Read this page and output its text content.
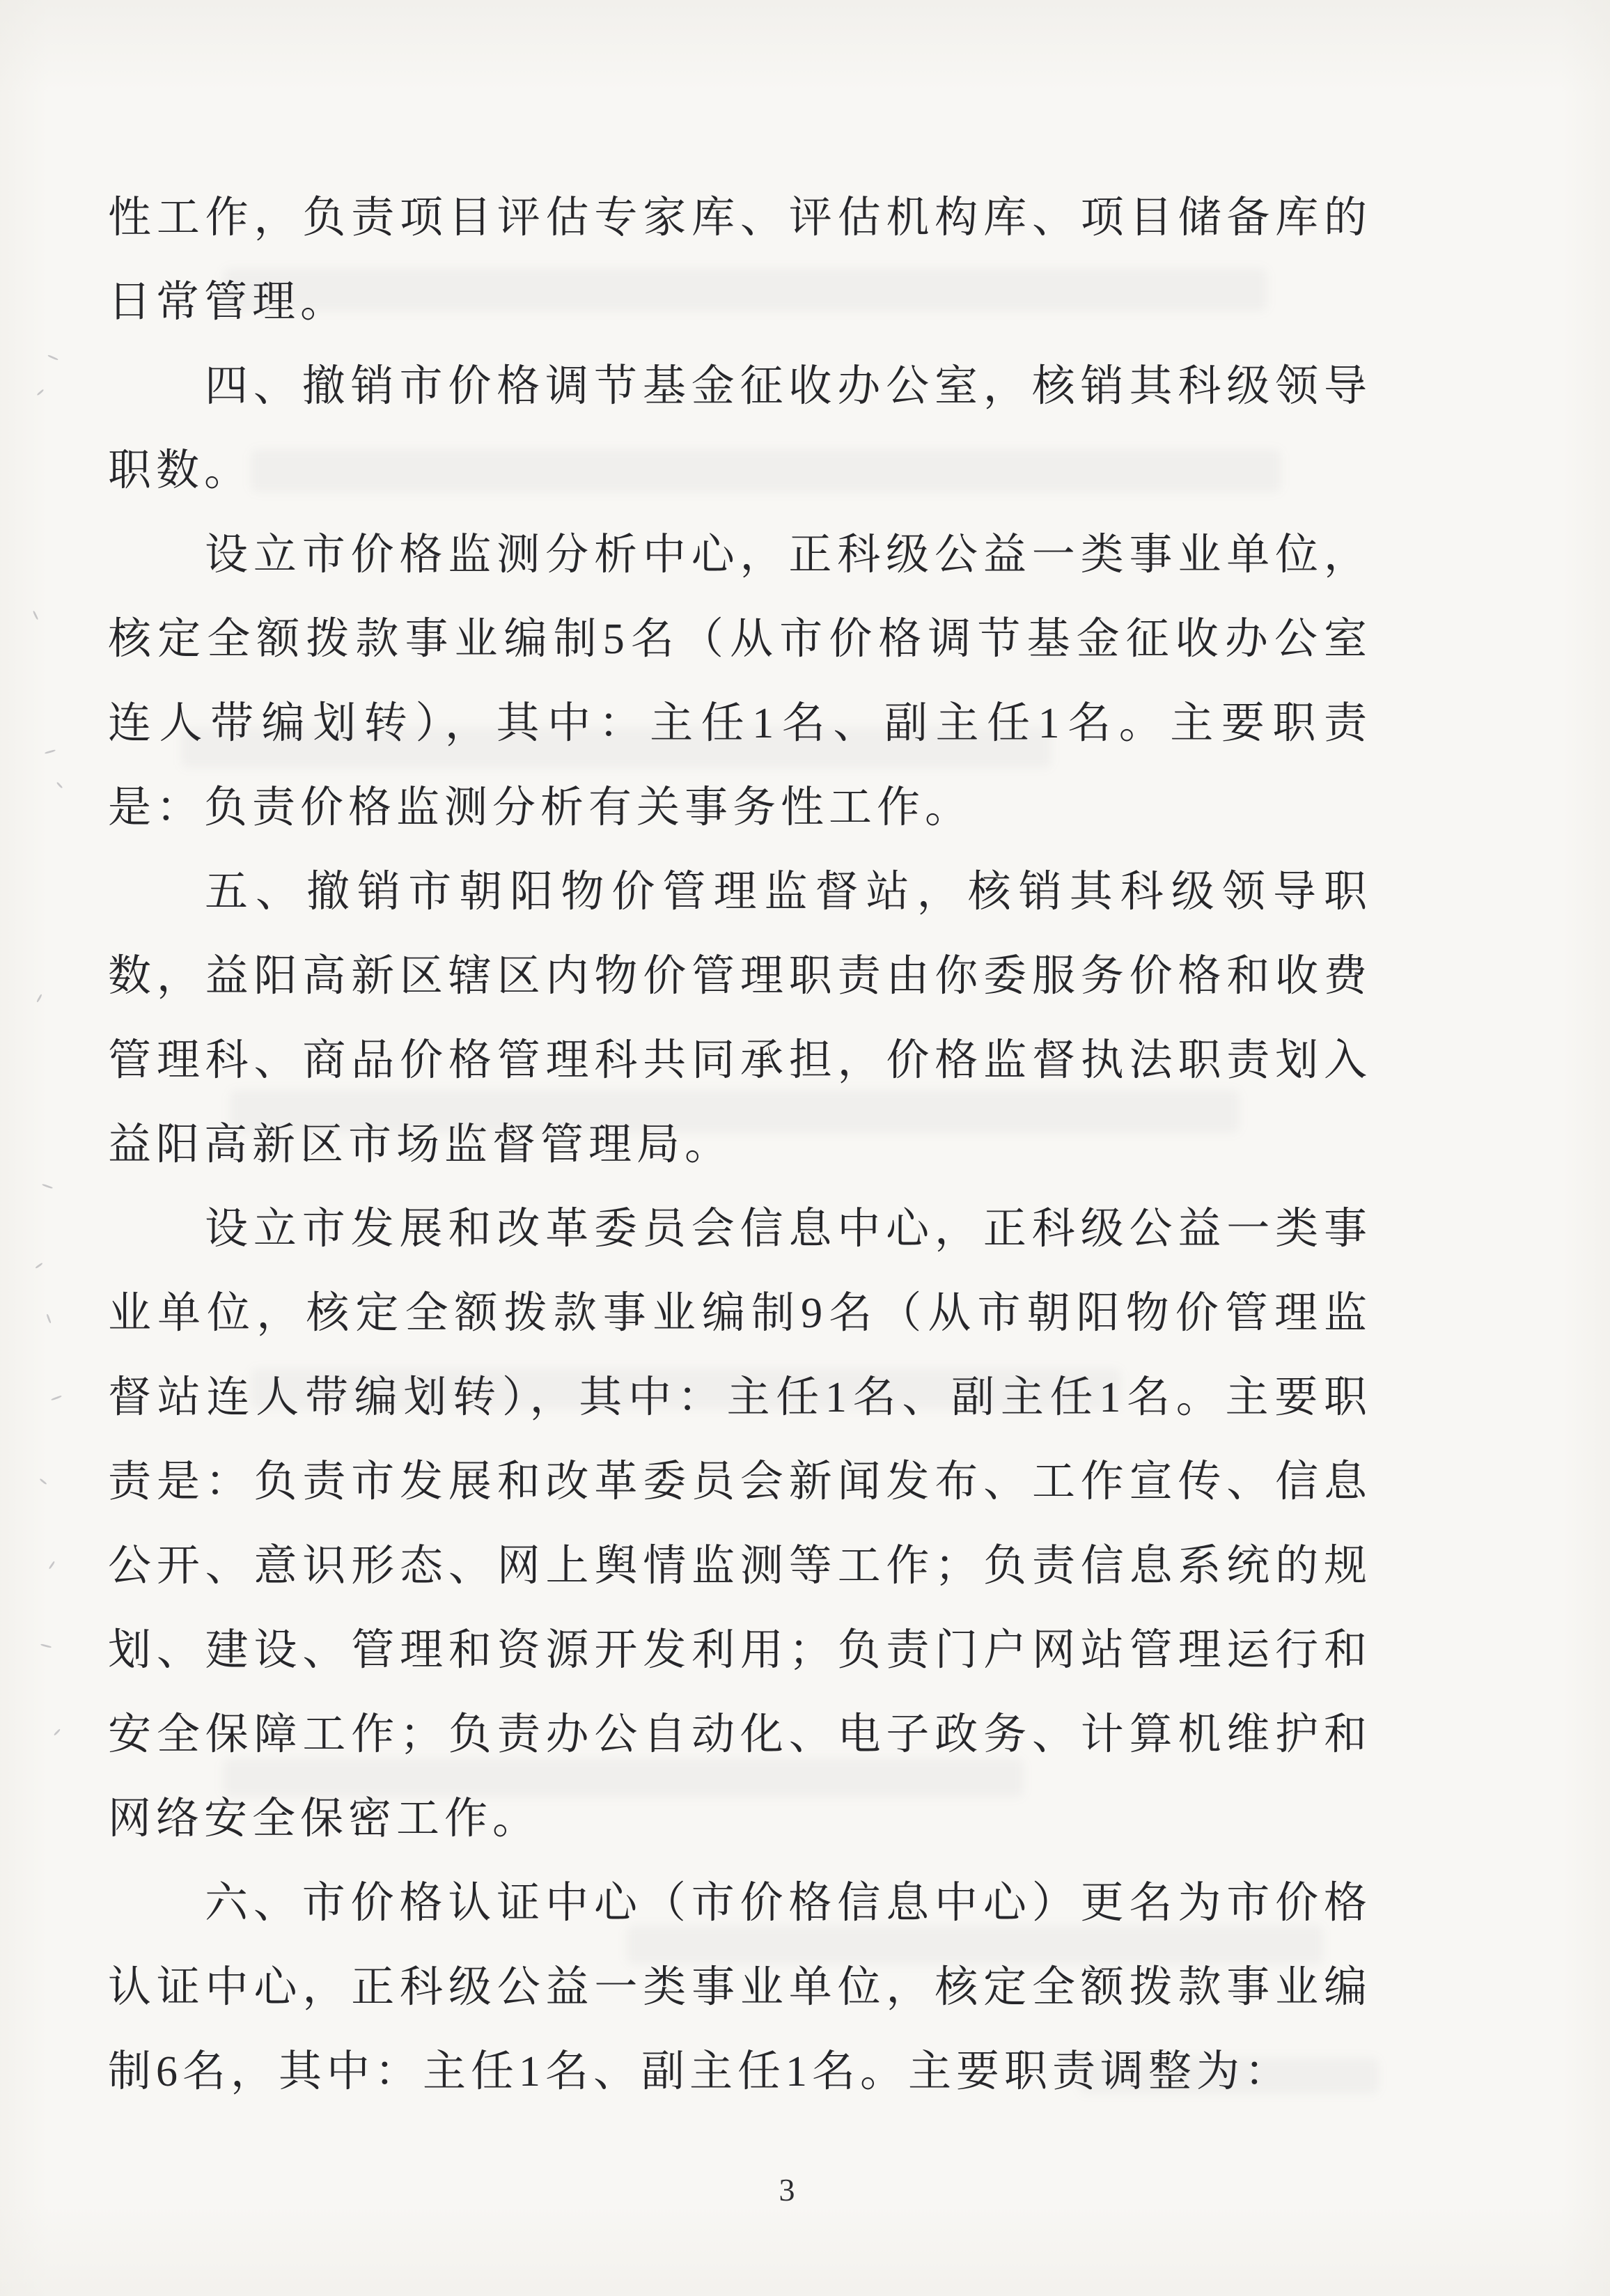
性工作，负责项目评估专家库、评估机构库、项目储备库的日常管理。

四、撤销市价格调节基金征收办公室，核销其科级领导职数。

设立市价格监测分析中心，正科级公益一类事业单位，核定全额拨款事业编制5名（从市价格调节基金征收办公室连人带编划转），其中：主任1名、副主任1名。主要职责是：负责价格监测分析有关事务性工作。

五、撤销市朝阳物价管理监督站，核销其科级领导职数，益阳高新区辖区内物价管理职责由你委服务价格和收费管理科、商品价格管理科共同承担，价格监督执法职责划入益阳高新区市场监督管理局。

设立市发展和改革委员会信息中心，正科级公益一类事业单位，核定全额拨款事业编制9名（从市朝阳物价管理监督站连人带编划转），其中：主任1名、副主任1名。主要职责是：负责市发展和改革委员会新闻发布、工作宣传、信息公开、意识形态、网上舆情监测等工作；负责信息系统的规划、建设、管理和资源开发利用；负责门户网站管理运行和安全保障工作；负责办公自动化、电子政务、计算机维护和网络安全保密工作。

六、市价格认证中心（市价格信息中心）更名为市价格认证中心，正科级公益一类事业单位，核定全额拨款事业编制6名，其中：主任1名、副主任1名。主要职责调整为：

3
